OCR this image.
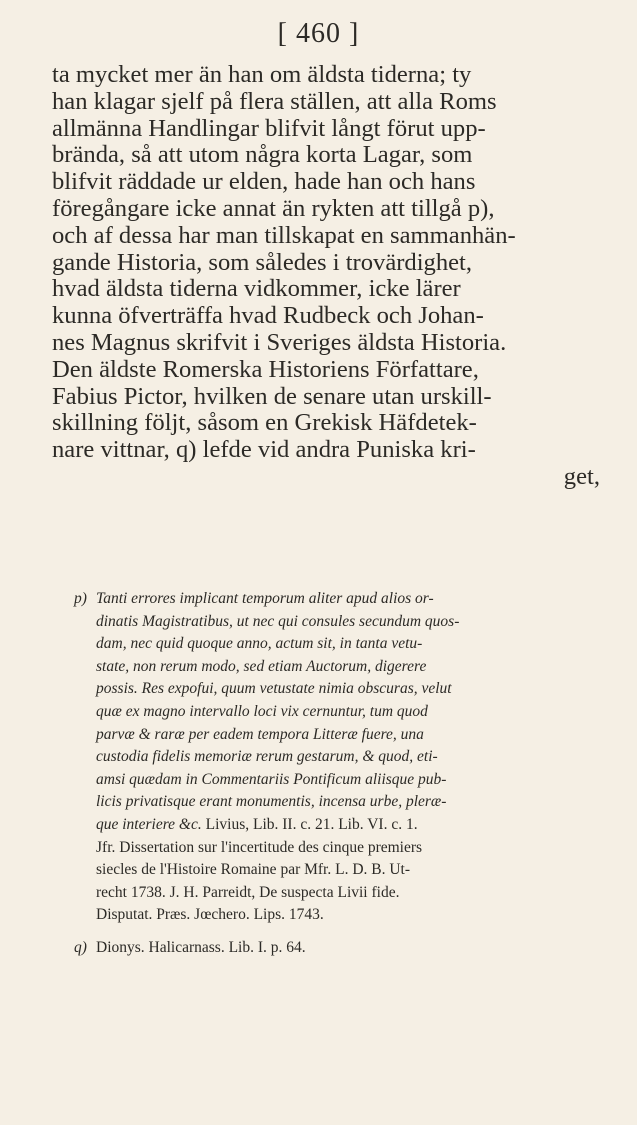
[ 460 ]
ta mycket mer än han om äldsta tiderna; ty
han klagar sjelf på flera ställen, att alla Roms
allmänna Handlingar blifvit långt förut upp-
brända, så att utom några korta Lagar, som
blifvit räddade ur elden, hade han och hans
föregångare icke annat än rykten att tillgå p),
och af dessa har man tillskapat en sammanhän-
gande Historia, som således i trovärdighet,
hvad äldsta tiderna vidkommer, icke lärer
kunna öfverträffa hvad Rudbeck och Johan-
nes Magnus skrifvit i Sveriges äldsta Historia.
Den äldste Romerska Historiens Författare,
Fabius Pictor, hvilken de senare utan urskill-
skillning följt, såsom en Grekisk Häfdetek-
nare vittnar, q) lefde vid andra Puniska kri-
get,
p) Tanti errores implicant temporum aliter apud alios or-
dinatis Magistratibus, ut nec qui consules secundum quos-
dam, nec quid quoque anno, actum sit, in tanta vetu-
state, non rerum modo, sed etiam Auctorum, digerere
possis. Res expofui, quum vetustate nimia obscuras, velut
quæ ex magno intervallo loci vix cernuntur, tum quod
parvæ & raræ per eadem tempora Litteræ fuere, una
custodia fidelis memoriæ rerum gestarum, & quod, eti-
amsi quædam in Commentariis Pontificum aliisque pub-
licis privatisque erant monumentis, incensa urbe, pleræ-
que interiere &c. Livius, Lib. II. c. 21. Lib. VI. c. 1.
Jfr. Dissertation sur l'incertitude des cinque premiers
siecles de l'Histoire Romaine par Mfr. L. D. B. Ut-
recht 1738. J. H. Parreidt, De suspecta Livii fide.
Disputat. Præs. Jœchero. Lips. 1743.
q) Dionys. Halicarnass. Lib. I. p. 64.
